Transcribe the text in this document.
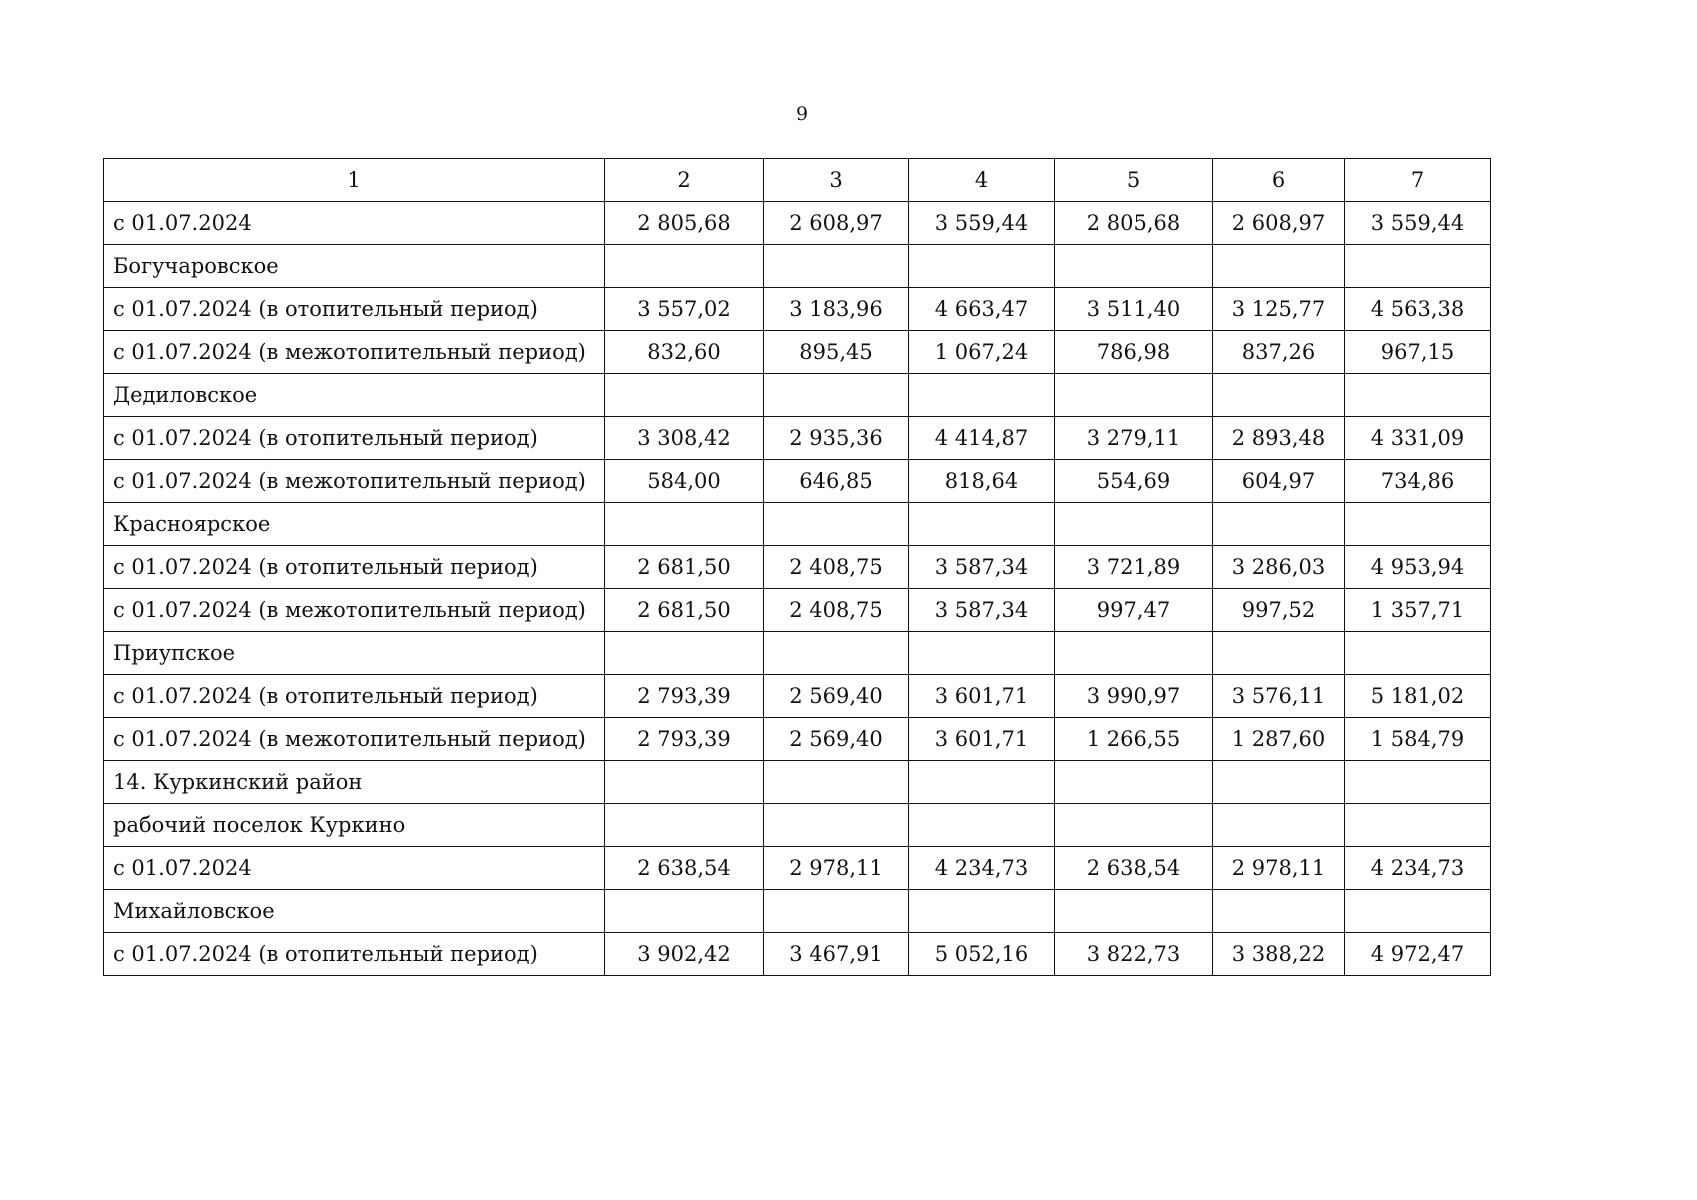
9
1	2	3	4	5	6	7
с 01.07.2024	2 805,68	2 608,97	3 559,44	2 805,68	2 608,97	3 559,44
Богучаровское						
с 01.07.2024 (в отопительный период)	3 557,02	3 183,96	4 663,47	3 511,40	3 125,77	4 563,38
с 01.07.2024 (в межотопительный период)	832,60	895,45	1 067,24	786,98	837,26	967,15
Дедиловское						
с 01.07.2024 (в отопительный период)	3 308,42	2 935,36	4 414,87	3 279,11	2 893,48	4 331,09
с 01.07.2024 (в межотопительный период)	584,00	646,85	818,64	554,69	604,97	734,86
Красноярское						
с 01.07.2024 (в отопительный период)	2 681,50	2 408,75	3 587,34	3 721,89	3 286,03	4 953,94
с 01.07.2024 (в межотопительный период)	2 681,50	2 408,75	3 587,34	997,47	997,52	1 357,71
Приупское						
с 01.07.2024 (в отопительный период)	2 793,39	2 569,40	3 601,71	3 990,97	3 576,11	5 181,02
с 01.07.2024 (в межотопительный период)	2 793,39	2 569,40	3 601,71	1 266,55	1 287,60	1 584,79
14. Куркинский район						
рабочий поселок Куркино						
с 01.07.2024	2 638,54	2 978,11	4 234,73	2 638,54	2 978,11	4 234,73
Михайловское						
с 01.07.2024 (в отопительный период)	3 902,42	3 467,91	5 052,16	3 822,73	3 388,22	4 972,47
